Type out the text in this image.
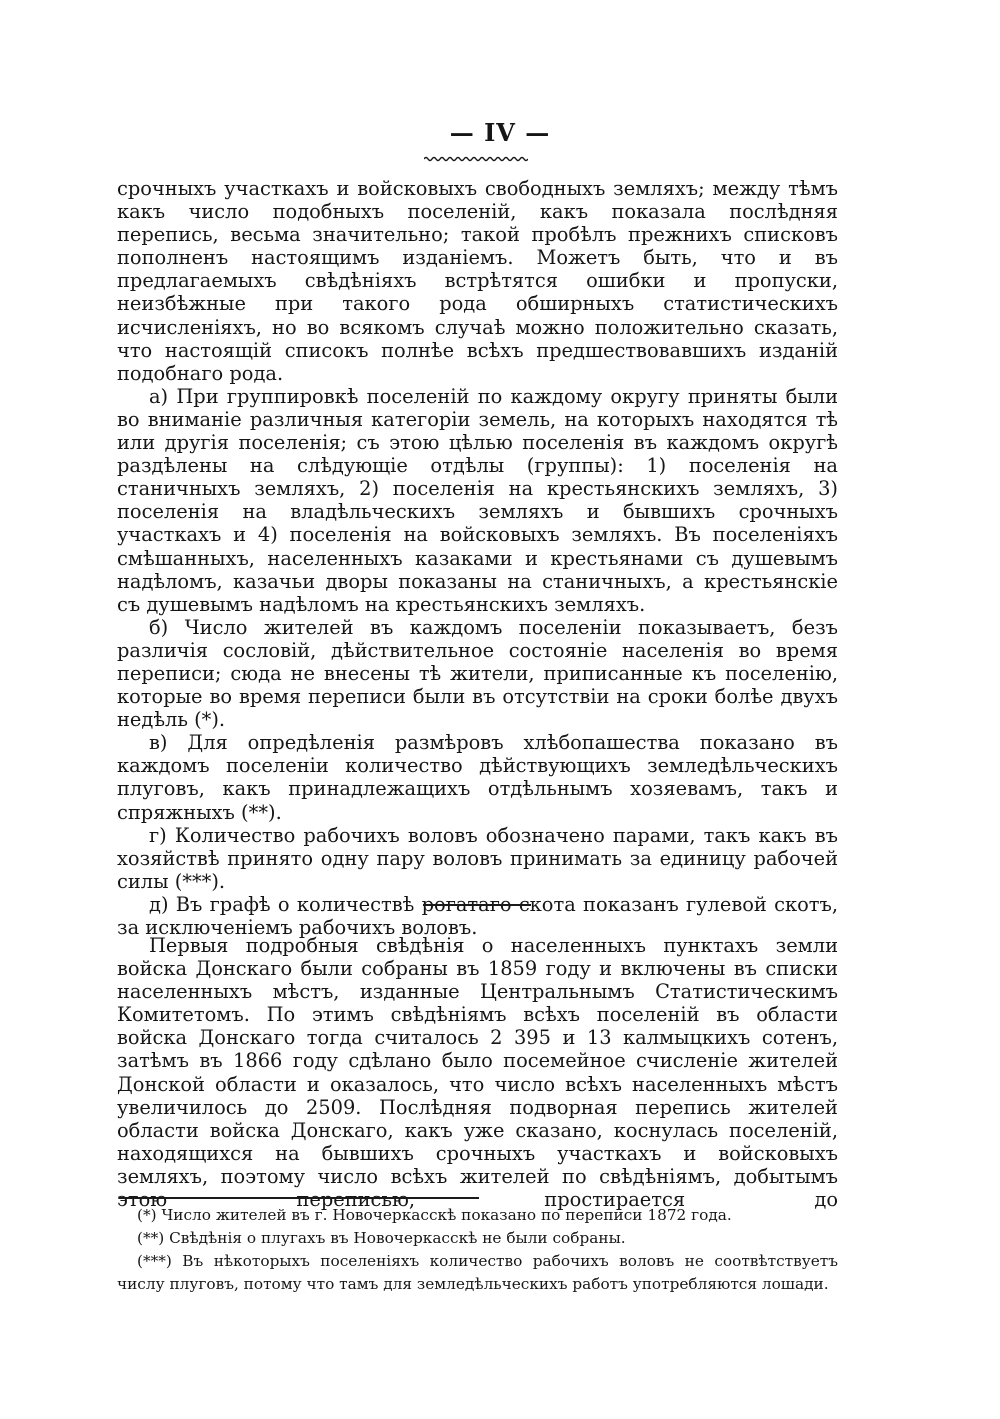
— IV —

срочныхъ участкахъ и войсковыхъ свободныхъ земляхъ; между тѣмъ какъ число подобныхъ поселеній, какъ показала послѣдняя перепись, весьма значительно; такой пробѣлъ прежнихъ списковъ пополненъ настоящимъ изданіемъ. Можетъ быть, что и въ предлагаемыхъ свѣдѣніяхъ встрѣтятся ошибки и пропуски, неизбѣжные при такого рода обширныхъ статистическихъ исчисленіяхъ, но во всякомъ случаѣ можно положительно сказать, что настоящій списокъ полнѣе всѣхъ предшествовавшихъ изданій подобнаго рода.

а) При группировкѣ поселеній по каждому округу приняты были во вниманіе различныя категоріи земель, на которыхъ находятся тѣ или другія поселенія; съ этою цѣлью поселенія въ каждомъ округѣ раздѣлены на слѣдующіе отдѣлы (группы): 1) поселенія на станичныхъ земляхъ, 2) поселенія на крестьянскихъ земляхъ, 3) поселенія на владѣльческихъ земляхъ и бывшихъ срочныхъ участкахъ и 4) поселенія на войсковыхъ земляхъ. Въ поселеніяхъ смѣшанныхъ, населенныхъ казаками и крестьянами съ душевымъ надѣломъ, казачьи дворы показаны на станичныхъ, а крестьянскіе съ душевымъ надѣломъ на крестьянскихъ земляхъ.

б) Число жителей въ каждомъ поселеніи показываетъ, безъ различія сословій, дѣйствительное состояніе населенія во время переписи; сюда не внесены тѣ жители, приписанные къ поселенію, которые во время переписи были въ отсутствіи на сроки болѣе двухъ недѣль (*).

в) Для опредѣленія размѣровъ хлѣбопашества показано въ каждомъ поселеніи количество дѣйствующихъ земледѣльческихъ плуговъ, какъ принадлежащихъ отдѣльнымъ хозяевамъ, такъ и спряжныхъ (**).

г) Количество рабочихъ воловъ обозначено парами, такъ какъ въ хозяйствѣ принято одну пару воловъ принимать за единицу рабочей силы (***).

д) Въ графѣ о количествѣ рогатаго скота показанъ гулевой скотъ, за исключеніемъ рабочихъ воловъ.

Первыя подробныя свѣдѣнія о населенныхъ пунктахъ земли войска Донскаго были собраны въ 1859 году и включены въ списки населенныхъ мѣстъ, изданные Центральнымъ Статистическимъ Комитетомъ. По этимъ свѣдѣніямъ всѣхъ поселеній въ области войска Донскаго тогда считалось 2 395 и 13 калмыцкихъ сотенъ, затѣмъ въ 1866 году сдѣлано было посемейное счисленіе жителей Донской области и оказалось, что число всѣхъ населенныхъ мѣстъ увеличилось до 2509. Послѣдняя подворная перепись жителей области войска Донскаго, какъ уже сказано, коснулась поселеній, находящихся на бывшихъ срочныхъ участкахъ и войсковыхъ земляхъ, поэтому число всѣхъ жителей по свѣдѣніямъ, добытымъ этою переписью, простирается до

(*) Число жителей въ г. Новочеркасскѣ показано по переписи 1872 года.

(**) Свѣдѣнія о плугахъ въ Новочеркасскѣ не были собраны.

(***) Въ нѣкоторыхъ поселеніяхъ количество рабочихъ воловъ не соотвѣтствуетъ числу плуговъ, потому что тамъ для земледѣльческихъ работъ употребляются лошади.
